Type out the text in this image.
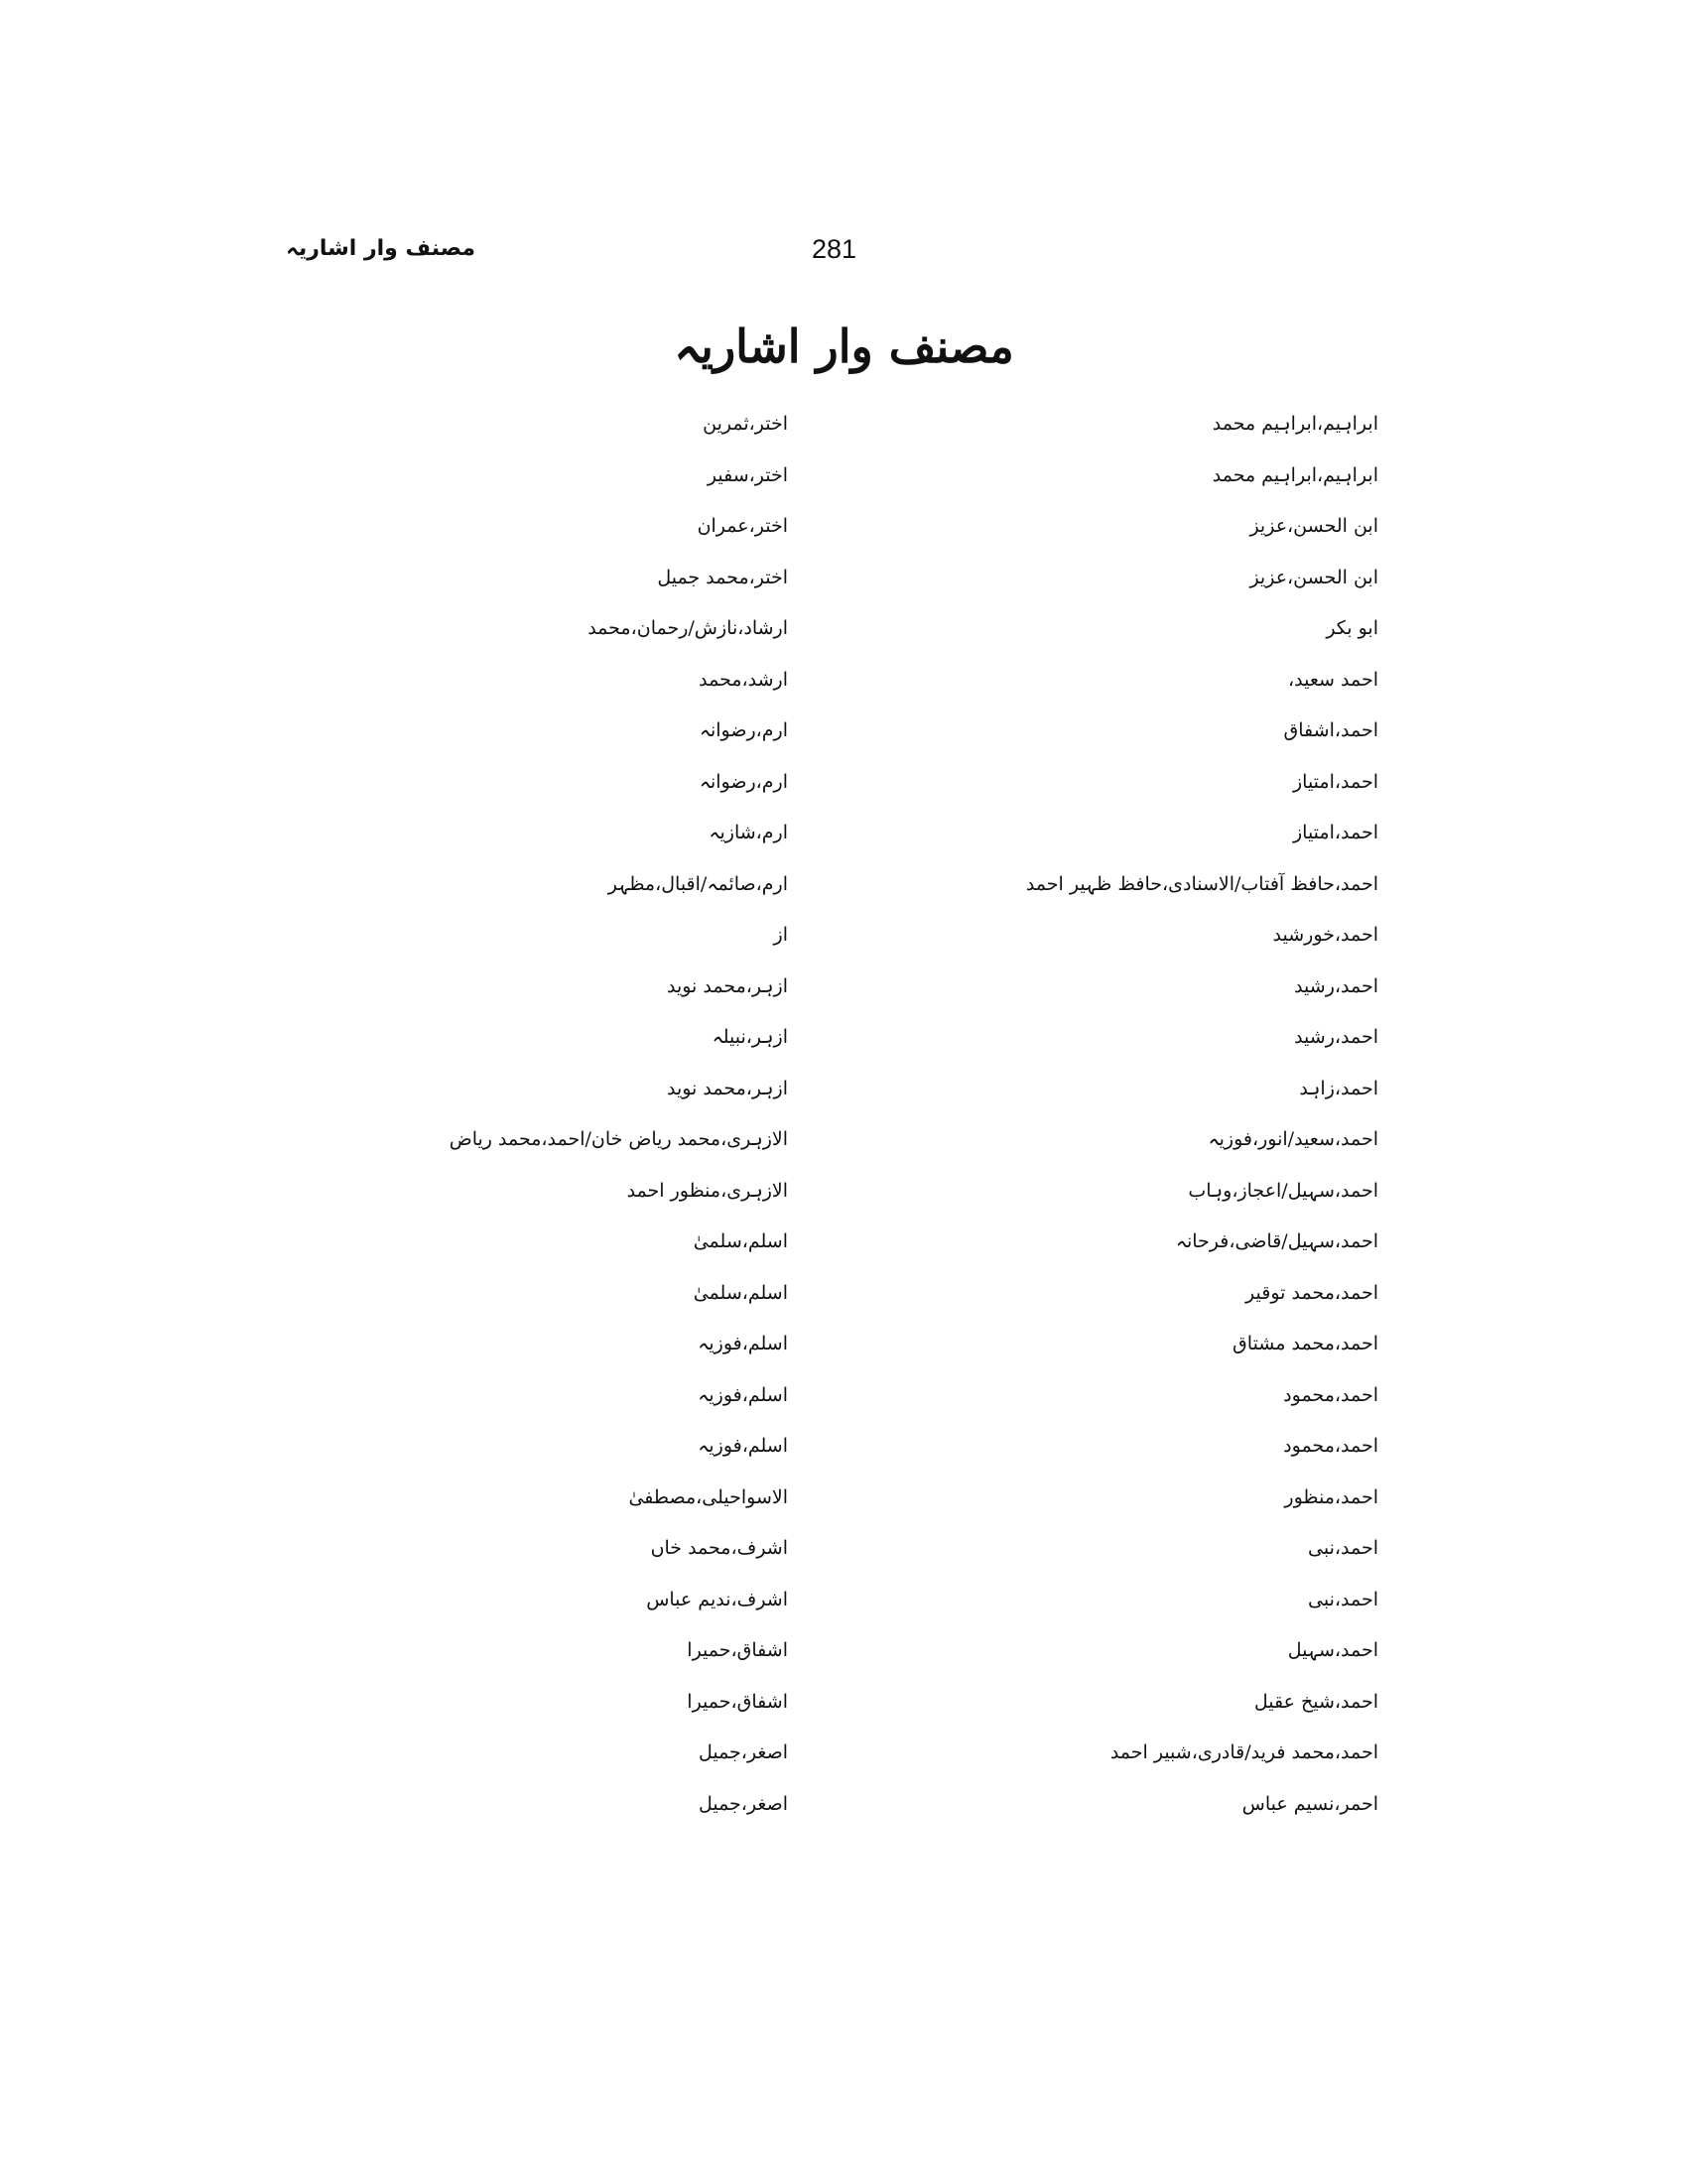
مصنف وار اشاریہ	281
مصنف وار اشاریہ
ابراہیم،ابراہیم محمد
ابراہیم،ابراہیم محمد
ابن الحسن،عزیز
ابن الحسن،عزیز
ابو بکر
احمد سعید،
احمد،اشفاق
احمد،امتیاز
احمد،امتیاز
احمد،حافظ آفتاب/الاسنادی،حافظ ظہیر احمد
احمد،خورشید
احمد،رشید
احمد،رشید
احمد،زاہد
احمد،سعید/انور،فوزیہ
احمد،سہیل/اعجاز،وہاب
احمد،سہیل/قاضی،فرحانہ
احمد،محمد توقیر
احمد،محمد مشتاق
احمد،محمود
احمد،محمود
احمد،منظور
احمد،نبی
احمد،نبی
احمد،سہیل
احمد،شیخ عقیل
احمد،محمد فرید/قادری،شبیر احمد
احمر،نسیم عباس
اختر،ثمرین
اختر،سفیر
اختر،عمران
اختر،محمد جمیل
ارشاد،نازش/رحمان،محمد
ارشد،محمد
ارم،رضوانہ
ارم،رضوانہ
ارم،شازیہ
ارم،صائمہ/اقبال،مظہر
از
ازہر،محمد نوید
ازہر،نبیلہ
ازہر،محمد نوید
الازہری،محمد ریاض خان/احمد،محمد ریاض
الازہری،منظور احمد
اسلم،سلمیٰ
اسلم،سلمیٰ
اسلم،فوزیہ
اسلم،فوزیہ
اسلم،فوزیہ
الاسواحیلی،مصطفیٰ
اشرف،محمد خاں
اشرف،ندیم عباس
اشفاق،حمیرا
اشفاق،حمیرا
اصغر،جمیل
اصغر،جمیل
